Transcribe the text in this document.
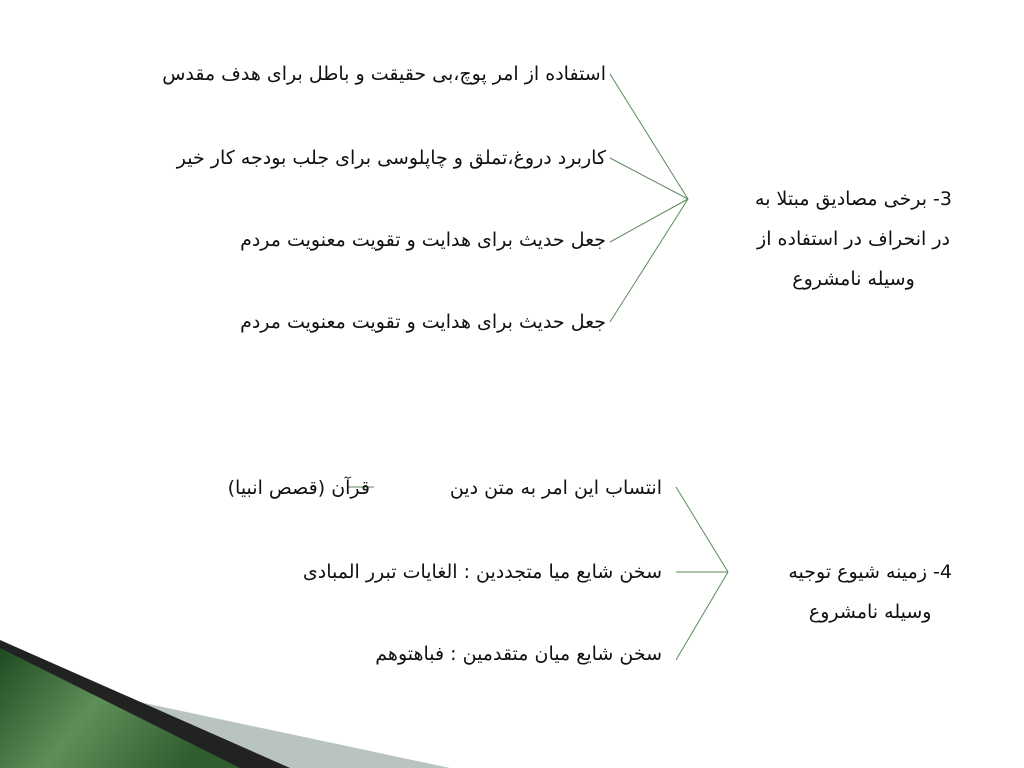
3- برخی مصادیق مبتلا به
در انحراف در استفاده از
وسیله نامشروع
استفاده از امر پوچ،بی حقیقت و باطل برای هدف مقدس
کاربرد دروغ،تملق و چاپلوسی برای جلب بودجه کار خیر
جعل حدیث برای هدایت و تقویت معنویت مردم
جعل حدیث برای هدایت و تقویت معنویت مردم
4- زمینه شیوع توجیه
وسیله نامشروع
انتساب این امر به متن دین
قرآن (قصص انبیا)
سخن شایع میا متجددین : الغایات تبرر المبادی
سخن شایع میان متقدمین : فباهتوهم
